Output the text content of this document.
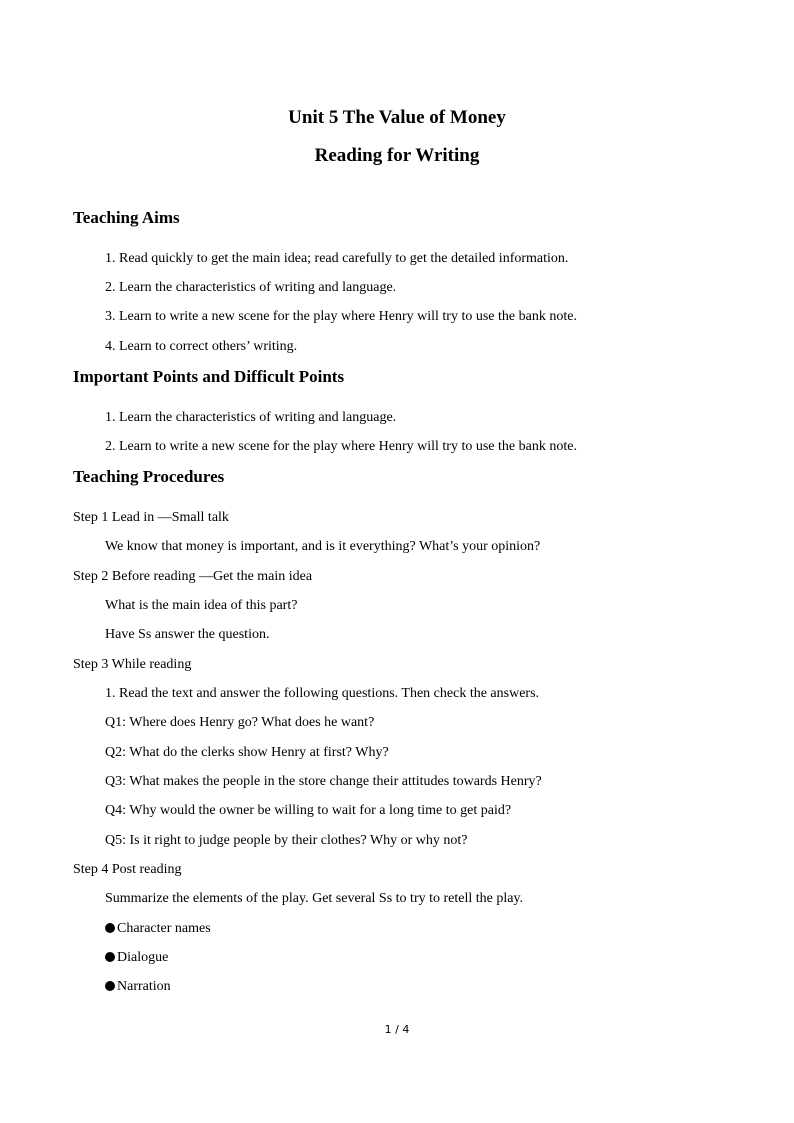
Unit 5 The Value of Money
Reading for Writing
Teaching Aims

1. Read quickly to get the main idea; read carefully to get the detailed information.

2. Learn the characteristics of writing and language.

3. Learn to write a new scene for the play where Henry will try to use the bank note.

4. Learn to correct others’ writing.

Important Points and Difficult Points

1. Learn the characteristics of writing and language.

2. Learn to write a new scene for the play where Henry will try to use the bank note.

Teaching Procedures

Step 1 Lead in —Small talk

We know that money is important, and is it everything? What’s your opinion?

Step 2 Before reading —Get the main idea

What is the main idea of this part?

Have Ss answer the question.

Step 3 While reading

1. Read the text and answer the following questions. Then check the answers.

Q1: Where does Henry go? What does he want?

Q2: What do the clerks show Henry at first? Why?

Q3: What makes the people in the store change their attitudes towards Henry?

Q4: Why would the owner be willing to wait for a long time to get paid?

Q5: Is it right to judge people by their clothes? Why or why not?

Step 4 Post reading

Summarize the elements of the play. Get several Ss to try to retell the play.

Character names

Dialogue

Narration

1 / 4
